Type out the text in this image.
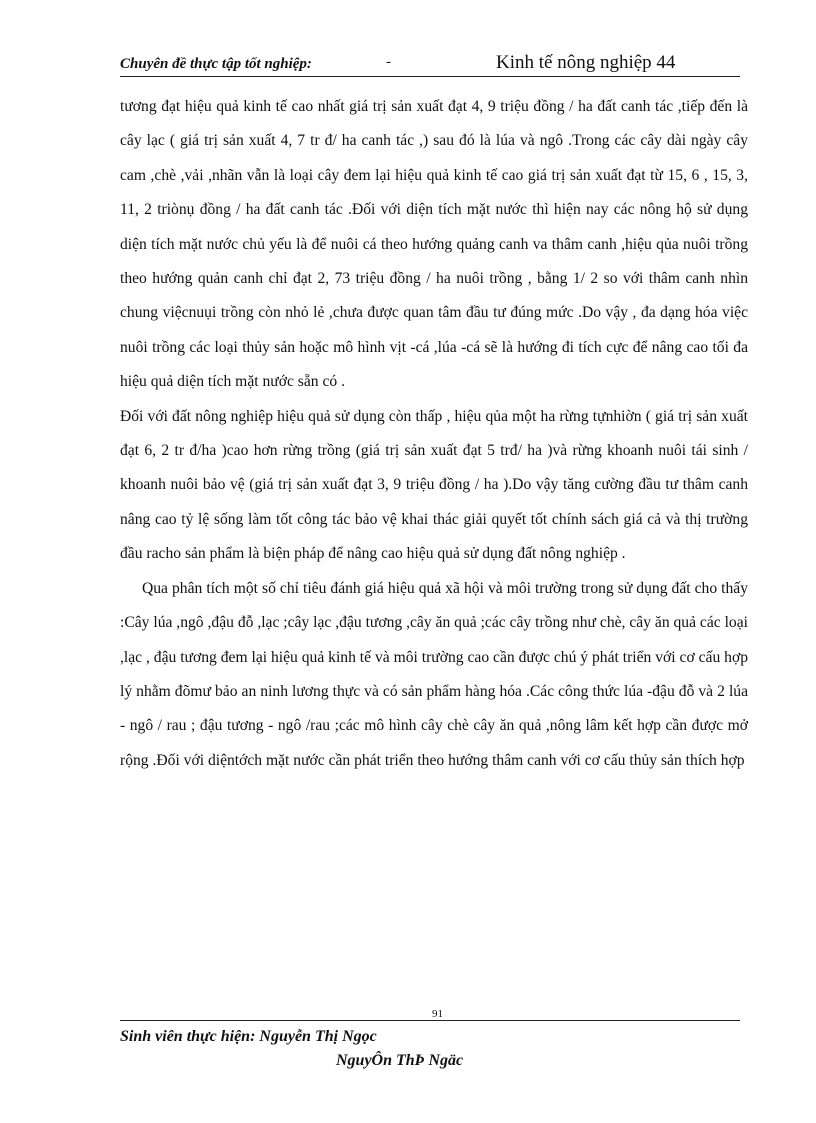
Chuyên đề thực tập tốt nghiệp:	-	Kinh tế nông nghiệp 44

tương đạt hiệu quả kinh tế cao nhất giá trị sản xuất đạt 4, 9 triệu đồng / ha đất canh tác ,tiếp đến là cây lạc ( giá trị sản xuất 4, 7 tr đ/ ha canh tác ,) sau đó là lúa và ngô .Trong các cây dài ngày cây cam ,chè ,vải ,nhãn vẫn là loại cây đem lại hiệu quả kinh tế cao giá trị sản xuất đạt từ 15, 6 , 15, 3, 11, 2 triònụ đồng / ha đất canh tác .Đối với diện tích mặt nước thì hiện nay các nông hộ sử dụng diện tích mặt nước chủ yếu là để nuôi cá theo hướng quảng canh va thâm canh ,hiệu qủa nuôi trồng theo hướng quản canh chỉ đạt 2, 73 triệu đồng / ha nuôi trồng , bằng 1/ 2 so với thâm canh nhìn chung việcnuụi trồng còn nhỏ lẻ ,chưa được quan tâm đầu tư đúng mức .Do vậy , đa dạng hóa việc nuôi trồng các loại thủy sản hoặc mô hình vịt -cá ,lúa -cá sẽ là hướng đi tích cực để nâng cao tối đa hiệu quả diện tích mặt nước sẵn có .

Đối với đất nông nghiệp hiệu quả sử dụng còn thấp , hiệu qủa một ha rừng tựnhiờn ( giá trị sản xuất đạt 6, 2 tr đ/ha )cao hơn rừng trồng (giá trị sản xuất đạt 5 trđ/ ha )và rừng khoanh nuôi tái sinh / khoanh nuôi bảo vệ (giá trị sản xuất đạt 3, 9 triệu đồng / ha ).Do vậy tăng cường đầu tư thâm canh nâng cao tỷ lệ sống làm tốt công tác bảo vệ khai thác giải quyết tốt chính sách giá cả và thị trường đầu racho sản phẩm là biện pháp để nâng cao hiệu quả sử dụng đất nông nghiệp .

Qua phân tích một số chỉ tiêu đánh giá hiệu quả xã hội và môi trường trong sử dụng đất cho thấy :Cây lúa ,ngô ,đậu đỗ ,lạc ;cây lạc ,đậu tương ,cây ăn quả ;các cây trồng như chè, cây ăn quả các loại ,lạc , đậu tương đem lại hiệu quả kinh tế và môi trường cao cần được chú ý phát triển với cơ cấu hợp lý nhằm đõmư bảo an ninh lương thực và có sản phẩm hàng hóa .Các công thức lúa -đậu đỗ và 2 lúa - ngô / rau ; đậu tương - ngô /rau ;các mô hình cây chè cây ăn quả ,nông lâm kết hợp cần được mở rộng .Đối với diệntớch mặt nước cần phát triển theo hướng thâm canh với cơ cấu thủy sản thích hợp

91
Sinh viên thực hiện: Nguyễn Thị Ngọc
NguyÔn ThÞ Ngäc
